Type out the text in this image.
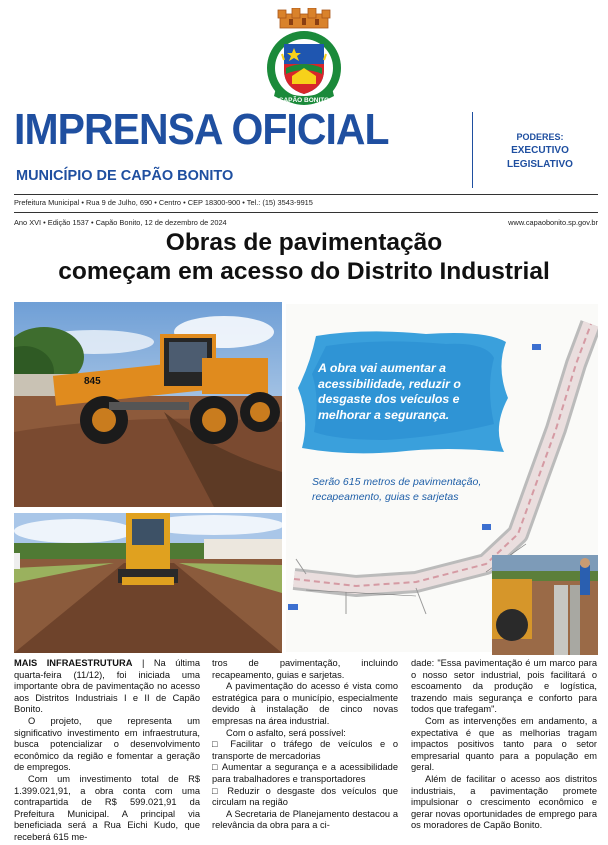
CAPÃO BONITO
IMPRENSA OFICIAL
MUNICÍPIO DE CAPÃO BONITO
PODERES:
EXECUTIVO
LEGISLATIVO
Prefeitura Municipal • Rua 9 de Julho, 690 • Centro • CEP 18300-900 • Tel.: (15) 3543-9915
Ano XVI • Edição 1537 • Capão Bonito, 12 de dezembro de 2024	www.capaobonito.sp.gov.br
Obras de pavimentação
começam em acesso do Distrito Industrial
845
A obra vai aumentar a acessibilidade, reduzir o desgaste dos veículos e melhorar a segurança.
Serão 615 metros de pavimentação, recapeamento, guias e sarjetas

MAIS INFRAESTRUTURA | Na última quarta-feira (11/12), foi iniciada uma importante obra de pavimentação no acesso aos Distritos Industriais I e II de Capão Bonito.

O projeto, que representa um significativo investimento em infraestrutura, busca potencializar o desenvolvimento econômico da região e fomentar a geração de empregos.

Com um investimento total de R$ 1.399.021,91, a obra conta com uma contrapartida de R$ 599.021,91 da Prefeitura Municipal. A principal via beneficiada será a Rua Eichi Kudo, que receberá 615 me-

tros de pavimentação, incluindo recapeamento, guias e sarjetas.

A pavimentação do acesso é vista como estratégica para o município, especialmente devido à instalação de cinco novas empresas na área industrial.

Com o asfalto, será possível:

□ Facilitar o tráfego de veículos e o transporte de mercadorias

□ Aumentar a segurança e a acessibilidade para trabalhadores e transportadores

□ Reduzir o desgaste dos veículos que circulam na região

A Secretaria de Planejamento destacou a relevância da obra para a ci-

dade: "Essa pavimentação é um marco para o nosso setor industrial, pois facilitará o escoamento da produção e logística, trazendo mais segurança e conforto para todos que trafegam".

Com as intervenções em andamento, a expectativa é que as melhorias tragam impactos positivos tanto para o setor empresarial quanto para a população em geral.

Além de facilitar o acesso aos distritos industriais, a pavimentação promete impulsionar o crescimento econômico e gerar novas oportunidades de emprego para os moradores de Capão Bonito.
